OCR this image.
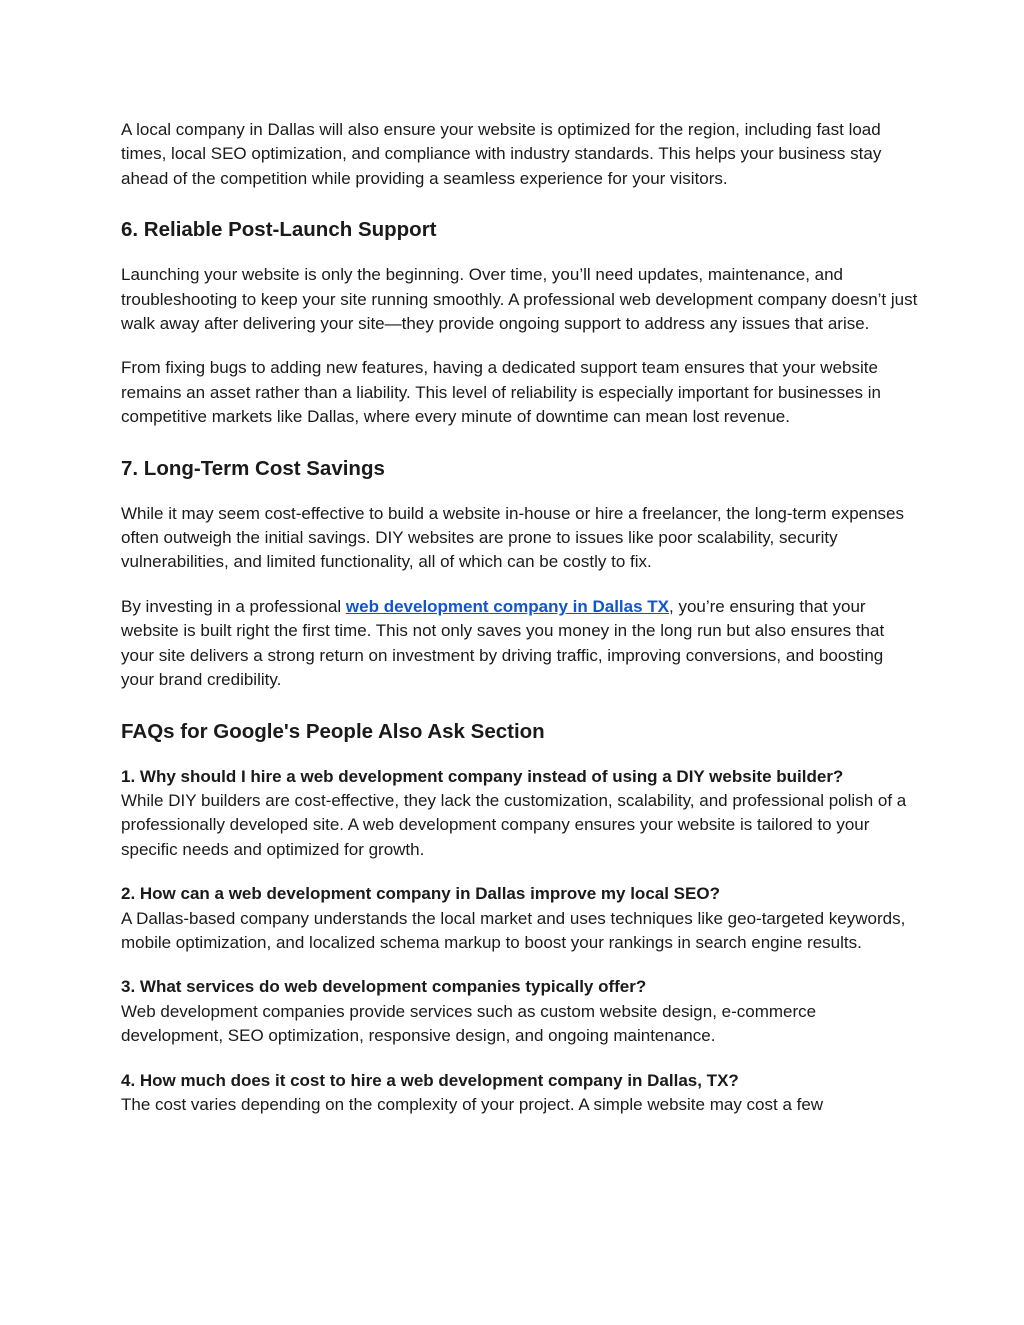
A local company in Dallas will also ensure your website is optimized for the region, including fast load times, local SEO optimization, and compliance with industry standards. This helps your business stay ahead of the competition while providing a seamless experience for your visitors.

6. Reliable Post-Launch Support

Launching your website is only the beginning. Over time, you’ll need updates, maintenance, and troubleshooting to keep your site running smoothly. A professional web development company doesn’t just walk away after delivering your site—they provide ongoing support to address any issues that arise.

From fixing bugs to adding new features, having a dedicated support team ensures that your website remains an asset rather than a liability. This level of reliability is especially important for businesses in competitive markets like Dallas, where every minute of downtime can mean lost revenue.

7. Long-Term Cost Savings

While it may seem cost-effective to build a website in-house or hire a freelancer, the long-term expenses often outweigh the initial savings. DIY websites are prone to issues like poor scalability, security vulnerabilities, and limited functionality, all of which can be costly to fix.

By investing in a professional web development company in Dallas TX, you’re ensuring that your website is built right the first time. This not only saves you money in the long run but also ensures that your site delivers a strong return on investment by driving traffic, improving conversions, and boosting your brand credibility.

FAQs for Google's People Also Ask Section

1. Why should I hire a web development company instead of using a DIY website builder?

While DIY builders are cost-effective, they lack the customization, scalability, and professional polish of a professionally developed site. A web development company ensures your website is tailored to your specific needs and optimized for growth.

2. How can a web development company in Dallas improve my local SEO?

A Dallas-based company understands the local market and uses techniques like geo-targeted keywords, mobile optimization, and localized schema markup to boost your rankings in search engine results.

3. What services do web development companies typically offer?

Web development companies provide services such as custom website design, e-commerce development, SEO optimization, responsive design, and ongoing maintenance.

4. How much does it cost to hire a web development company in Dallas, TX?

The cost varies depending on the complexity of your project. A simple website may cost a few
